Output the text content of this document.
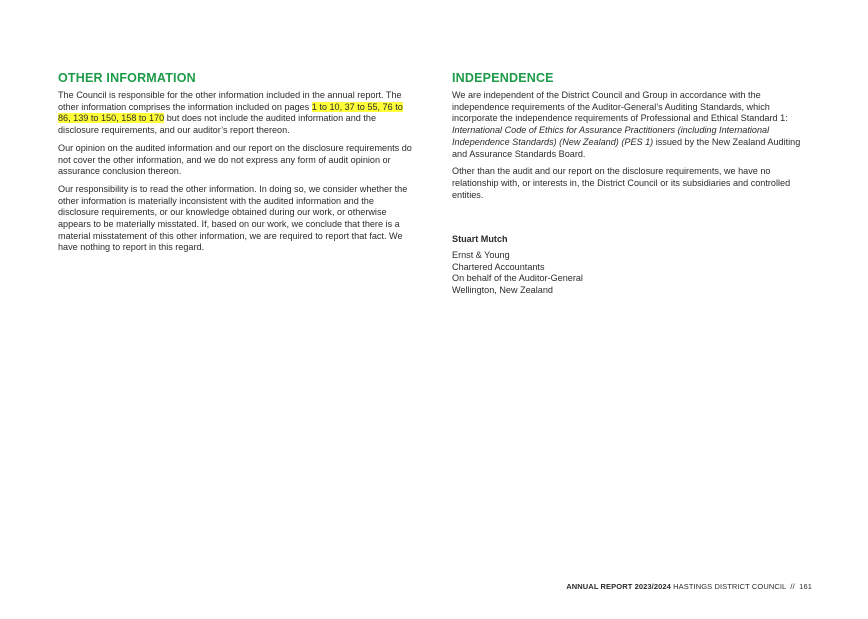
OTHER INFORMATION

The Council is responsible for the other information included in the annual report. The other information comprises the information included on pages 1 to 10, 37 to 55, 76 to 86, 139 to 150, 158 to 170 but does not include the audited information and the disclosure requirements, and our auditor’s report thereon.

Our opinion on the audited information and our report on the disclosure requirements do not cover the other information, and we do not express any form of audit opinion or assurance conclusion thereon.

Our responsibility is to read the other information. In doing so, we consider whether the other information is materially inconsistent with the audited information and the disclosure requirements, or our knowledge obtained during our work, or otherwise appears to be materially misstated. If, based on our work, we conclude that there is a material misstatement of this other information, we are required to report that fact. We have nothing to report in this regard.

INDEPENDENCE

We are independent of the District Council and Group in accordance with the independence requirements of the Auditor-General’s Auditing Standards, which incorporate the independence requirements of Professional and Ethical Standard 1: International Code of Ethics for Assurance Practitioners (including International Independence Standards) (New Zealand) (PES 1) issued by the New Zealand Auditing and Assurance Standards Board.

Other than the audit and our report on the disclosure requirements, we have no relationship with, or interests in, the District Council or its subsidiaries and controlled entities.

Stuart Mutch
Ernst & Young
Chartered Accountants
On behalf of the Auditor-General
Wellington, New Zealand
ANNUAL REPORT 2023/2024 HASTINGS DISTRICT COUNCIL  //  161
